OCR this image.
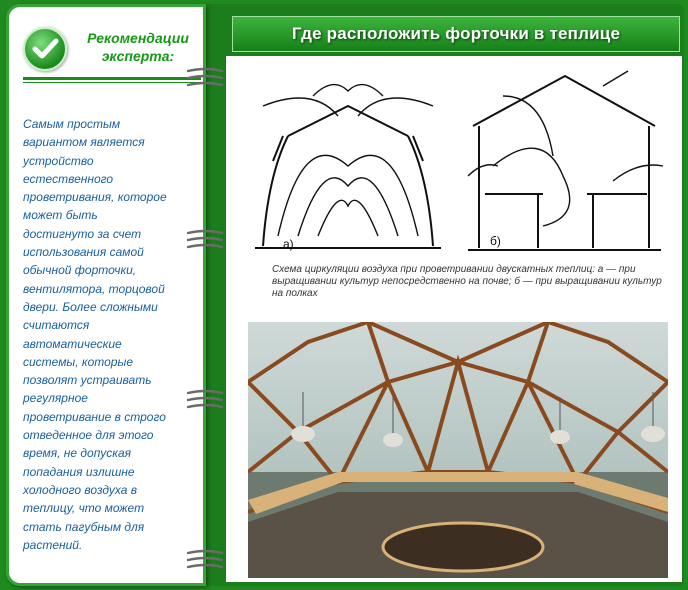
Где расположить форточки в теплице
Рекомендации
эксперта:
Самым простым
вариантом является
устройство
естественного
проветривания, которое
может быть
достигнуто за счет
использования самой
обычной форточки,
вентилятора, торцовой
двери. Более сложными
считаются
автоматические
системы, которые
позволят устраивать
регулярное
проветривание в строго
отведенное для этого
время, не допуская
попадания излишне
холодного воздуха в
теплицу, что может
стать пагубным для
растений.
а)	б)
Схема циркуляции воздуха при проветривании двускатных теплиц: а — при выращивании культур непосредственно на почве; б — при выращивании культур на полках
